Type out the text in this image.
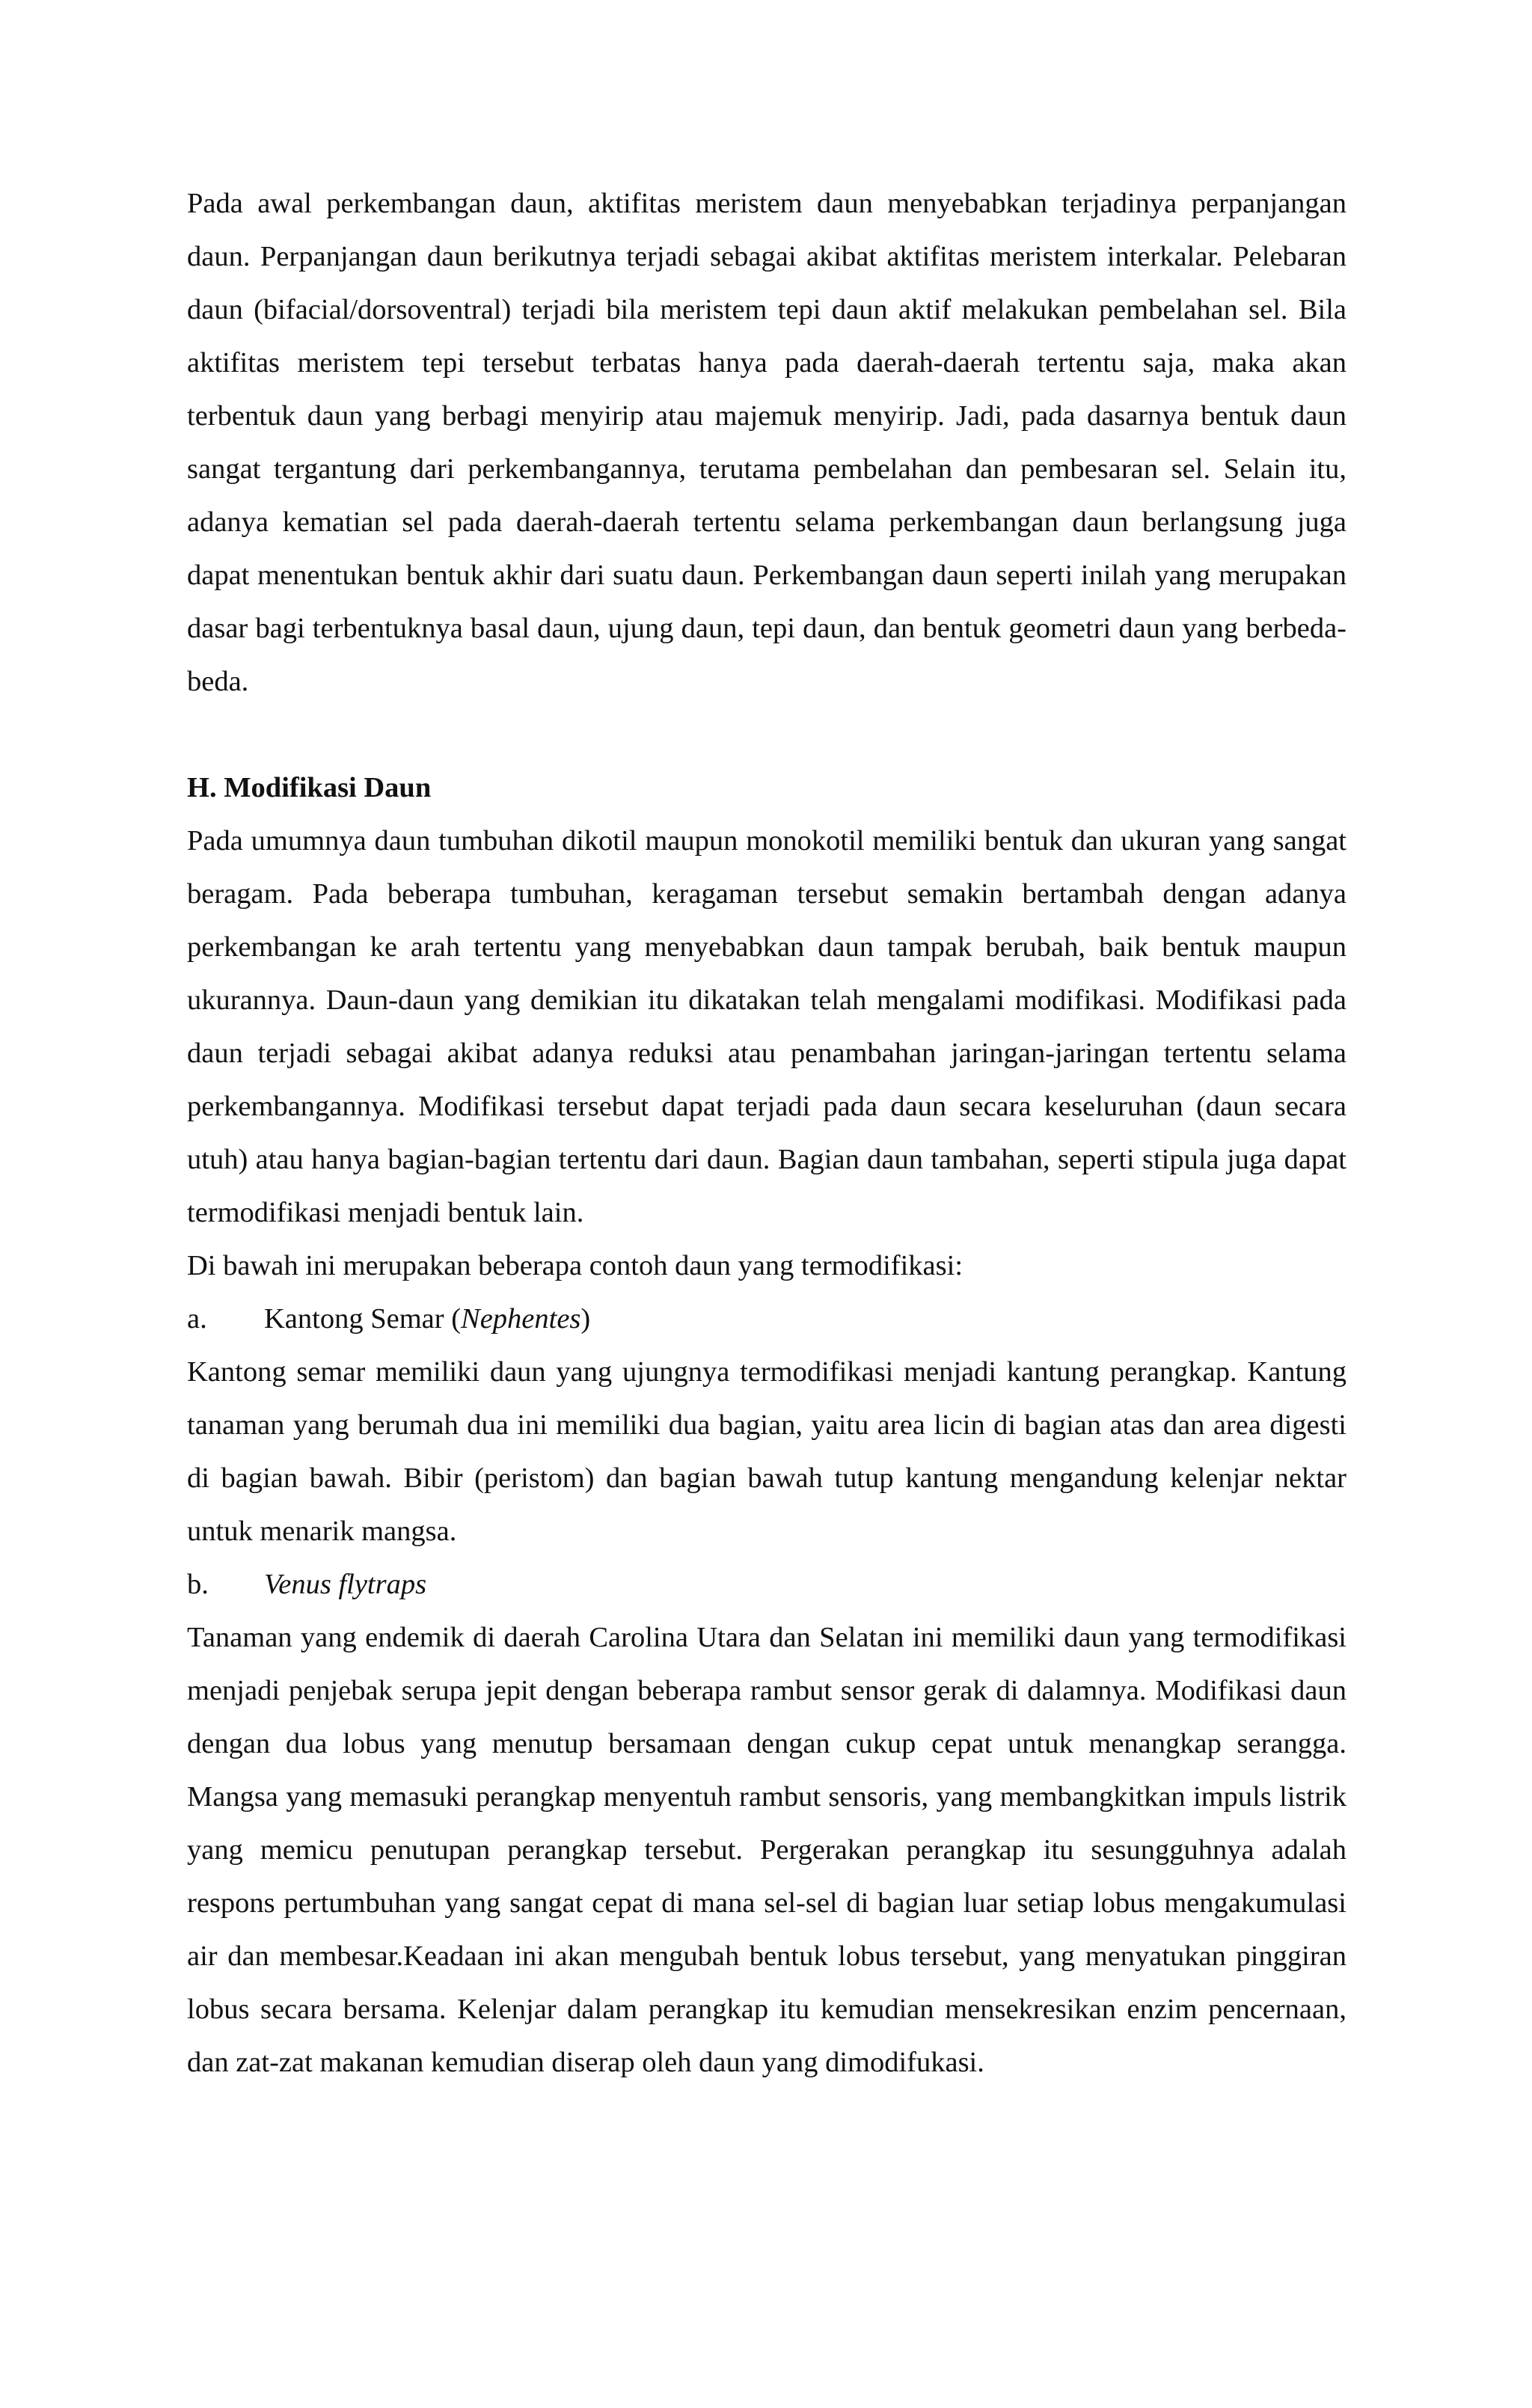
Pada awal perkembangan daun, aktifitas meristem daun menyebabkan terjadinya perpanjangan daun. Perpanjangan daun berikutnya terjadi sebagai akibat aktifitas meristem interkalar. Pelebaran daun (bifacial/dorsoventral) terjadi bila meristem tepi daun aktif melakukan pembelahan sel. Bila aktifitas meristem tepi tersebut terbatas hanya pada daerah-daerah tertentu saja, maka akan terbentuk daun yang berbagi menyirip atau majemuk menyirip. Jadi, pada dasarnya bentuk daun sangat tergantung dari perkembangannya, terutama pembelahan dan pembesaran sel. Selain itu, adanya kematian sel pada daerah-daerah tertentu selama perkembangan daun berlangsung juga dapat menentukan bentuk akhir dari suatu daun. Perkembangan daun seperti inilah yang merupakan dasar bagi terbentuknya basal daun, ujung daun, tepi daun, dan bentuk geometri daun yang berbeda-beda.

H. Modifikasi Daun

Pada umumnya daun tumbuhan dikotil maupun monokotil memiliki bentuk dan ukuran yang sangat beragam. Pada beberapa tumbuhan, keragaman tersebut semakin bertambah dengan adanya perkembangan ke arah tertentu yang menyebabkan daun tampak berubah, baik bentuk maupun ukurannya. Daun-daun yang demikian itu dikatakan telah mengalami modifikasi. Modifikasi pada daun terjadi sebagai akibat adanya reduksi atau penambahan jaringan-jaringan tertentu selama perkembangannya. Modifikasi tersebut dapat terjadi pada daun secara keseluruhan (daun secara utuh) atau hanya bagian-bagian tertentu dari daun. Bagian daun tambahan, seperti stipula juga dapat termodifikasi menjadi bentuk lain.

Di bawah ini merupakan beberapa contoh daun yang termodifikasi:

a.	Kantong Semar (Nephentes)

Kantong semar memiliki daun yang ujungnya termodifikasi menjadi kantung perangkap. Kantung tanaman yang berumah dua ini memiliki dua bagian, yaitu area licin di bagian atas dan area digesti di bagian bawah. Bibir (peristom) dan bagian bawah tutup kantung mengandung kelenjar nektar untuk menarik mangsa.

b.	Venus flytraps

Tanaman yang endemik di daerah Carolina Utara dan Selatan ini memiliki daun yang termodifikasi menjadi penjebak serupa jepit dengan beberapa rambut sensor gerak di dalamnya. Modifikasi daun dengan dua lobus yang menutup bersamaan dengan cukup cepat untuk menangkap serangga. Mangsa yang memasuki perangkap menyentuh rambut sensoris, yang membangkitkan impuls listrik yang memicu penutupan perangkap tersebut. Pergerakan perangkap itu sesungguhnya adalah respons pertumbuhan yang sangat cepat di mana sel-sel di bagian luar setiap lobus mengakumulasi air dan membesar.Keadaan ini akan mengubah bentuk lobus tersebut, yang menyatukan pinggiran lobus secara bersama. Kelenjar dalam perangkap itu kemudian mensekresikan enzim pencernaan, dan zat-zat makanan kemudian diserap oleh daun yang dimodifukasi.
